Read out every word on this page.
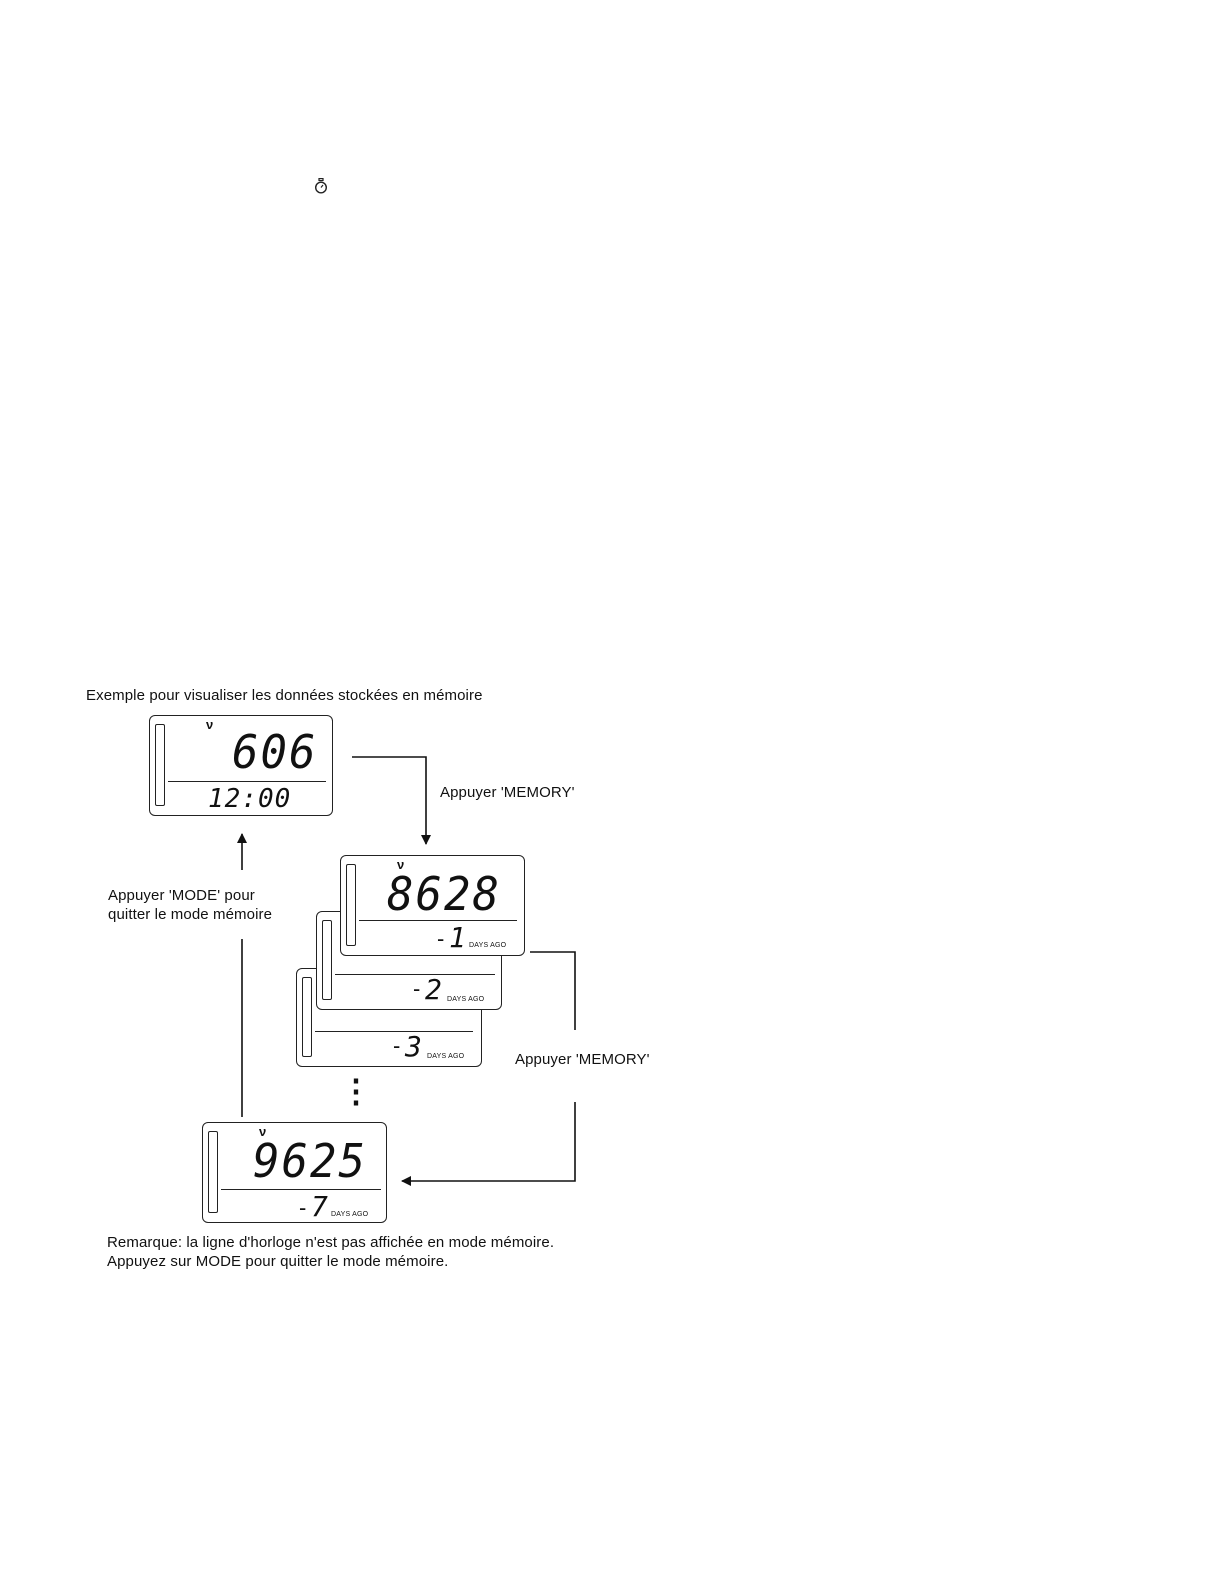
Exemple pour visualiser les données stockées en mémoire
ν
606
12:00	Appuyer 'MEMORY'
Appuyer 'MODE' pour
quitter le mode mémoire
- 3 DAYS AGO
- 2 DAYS AGO
ν
8628
- 1 DAYS AGO
Appuyer 'MEMORY'
⋮
ν
9625
- 7 DAYS AGO
Remarque: la ligne d'horloge n'est pas affichée en mode mémoire.
Appuyez sur MODE pour quitter le mode mémoire.
